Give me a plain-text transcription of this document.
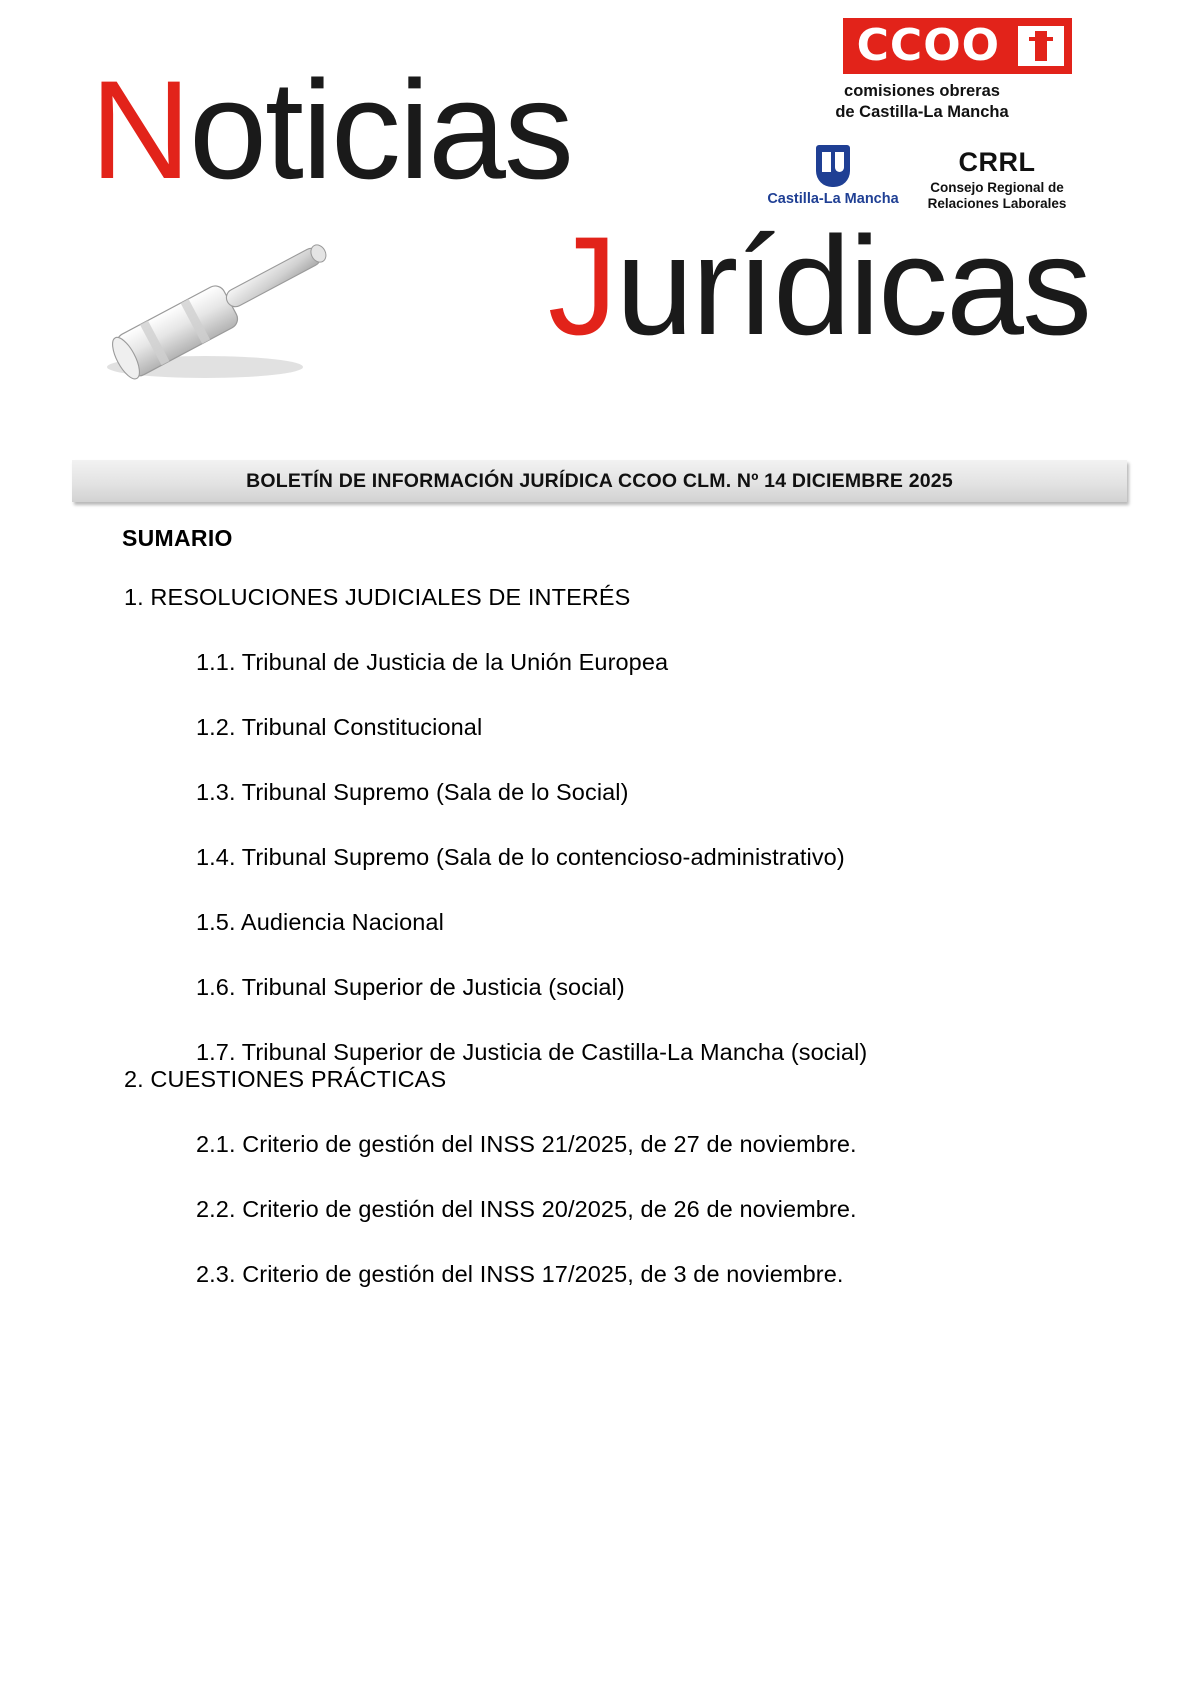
CCOO
comisiones obreras
de Castilla-La Mancha
Castilla-La Mancha
CRRL
Consejo Regional de
Relaciones Laborales
Noticias
Jurídicas
BOLETÍN DE INFORMACIÓN JURÍDICA CCOO CLM. Nº 14 DICIEMBRE 2025
SUMARIO
1. RESOLUCIONES JUDICIALES DE INTERÉS
1.1. Tribunal de Justicia de la Unión Europea
1.2. Tribunal Constitucional
1.3. Tribunal Supremo (Sala de lo Social)
1.4. Tribunal Supremo (Sala de lo contencioso-administrativo)
1.5. Audiencia Nacional
1.6. Tribunal Superior de Justicia (social)
1.7. Tribunal Superior de Justicia de Castilla-La Mancha (social)
2. CUESTIONES PRÁCTICAS
2.1. Criterio de gestión del INSS 21/2025, de 27 de noviembre.
2.2. Criterio de gestión del INSS 20/2025, de 26 de noviembre.
2.3. Criterio de gestión del INSS 17/2025, de 3 de noviembre.
